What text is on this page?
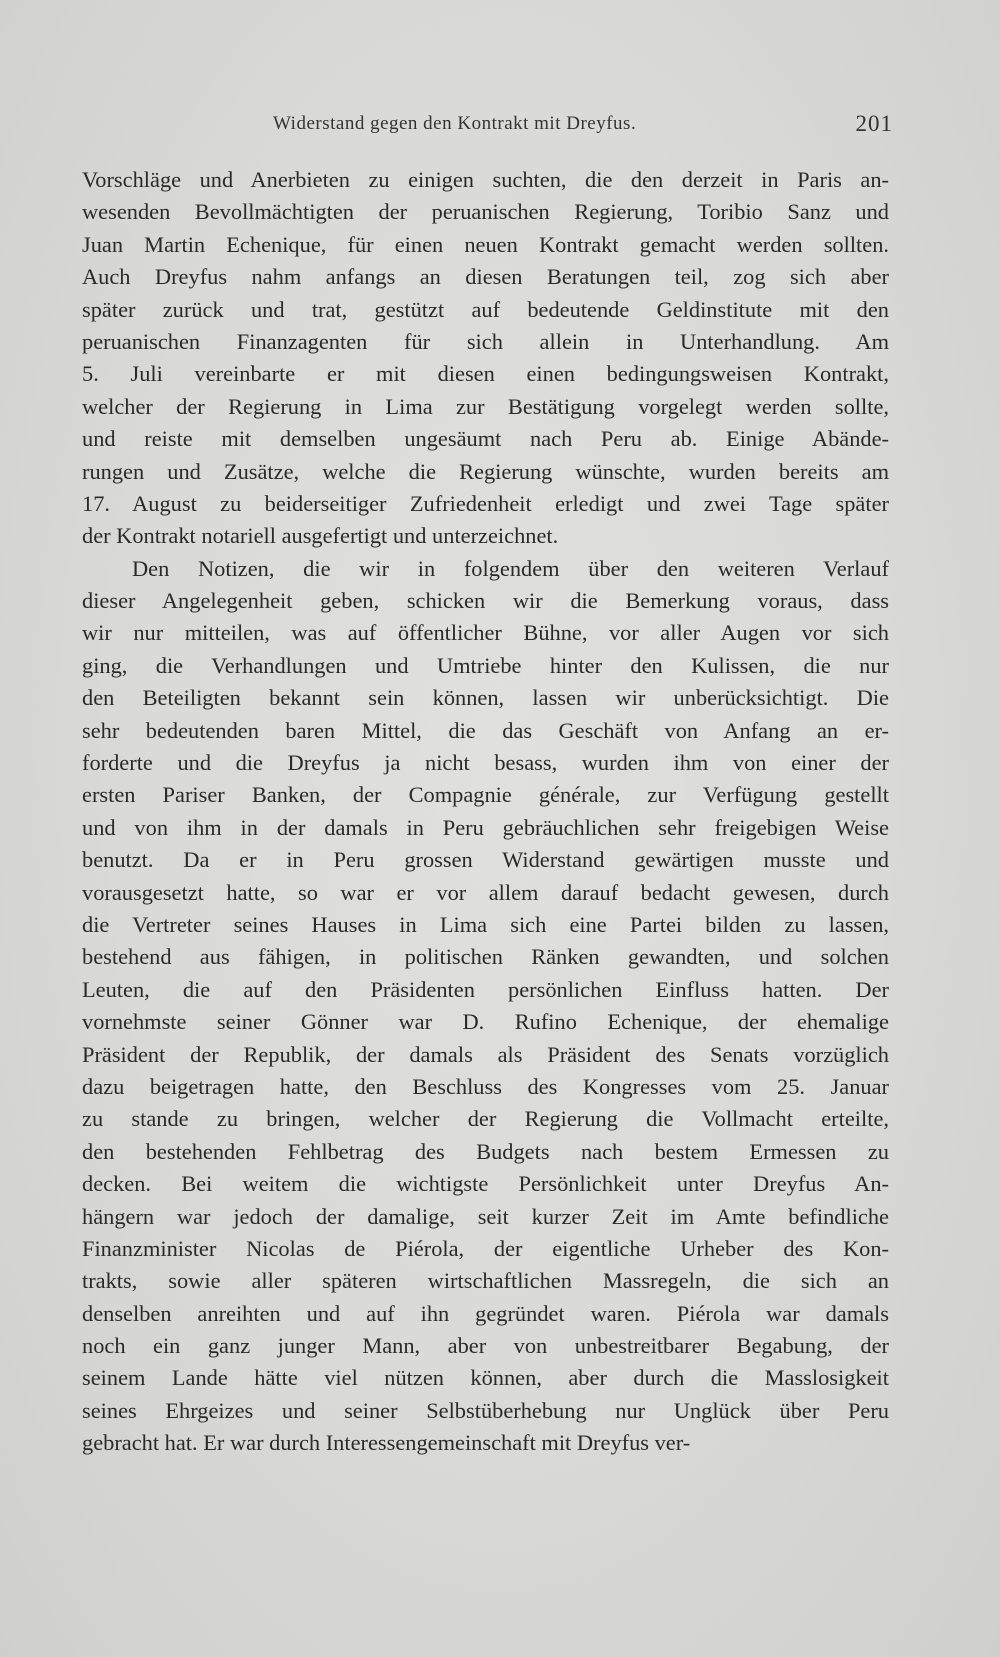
Widerstand gegen den Kontrakt mit Dreyfus.	201
Vorschläge und Anerbieten zu einigen suchten, die den derzeit in Paris an-
wesenden Bevollmächtigten der peruanischen Regierung, Toribio Sanz und
Juan Martin Echenique, für einen neuen Kontrakt gemacht werden sollten.
Auch Dreyfus nahm anfangs an diesen Beratungen teil, zog sich aber
später zurück und trat, gestützt auf bedeutende Geldinstitute mit den
peruanischen Finanzagenten für sich allein in Unterhandlung. Am
5. Juli vereinbarte er mit diesen einen bedingungsweisen Kontrakt,
welcher der Regierung in Lima zur Bestätigung vorgelegt werden sollte,
und reiste mit demselben ungesäumt nach Peru ab. Einige Abände-
rungen und Zusätze, welche die Regierung wünschte, wurden bereits am
17. August zu beiderseitiger Zufriedenheit erledigt und zwei Tage später
der Kontrakt notariell ausgefertigt und unterzeichnet.
Den Notizen, die wir in folgendem über den weiteren Verlauf
dieser Angelegenheit geben, schicken wir die Bemerkung voraus, dass
wir nur mitteilen, was auf öffentlicher Bühne, vor aller Augen vor sich
ging, die Verhandlungen und Umtriebe hinter den Kulissen, die nur
den Beteiligten bekannt sein können, lassen wir unberücksichtigt. Die
sehr bedeutenden baren Mittel, die das Geschäft von Anfang an er-
forderte und die Dreyfus ja nicht besass, wurden ihm von einer der
ersten Pariser Banken, der Compagnie générale, zur Verfügung gestellt
und von ihm in der damals in Peru gebräuchlichen sehr freigebigen Weise
benutzt. Da er in Peru grossen Widerstand gewärtigen musste und
vorausgesetzt hatte, so war er vor allem darauf bedacht gewesen, durch
die Vertreter seines Hauses in Lima sich eine Partei bilden zu lassen,
bestehend aus fähigen, in politischen Ränken gewandten, und solchen
Leuten, die auf den Präsidenten persönlichen Einfluss hatten. Der
vornehmste seiner Gönner war D. Rufino Echenique, der ehemalige
Präsident der Republik, der damals als Präsident des Senats vorzüglich
dazu beigetragen hatte, den Beschluss des Kongresses vom 25. Januar
zu stande zu bringen, welcher der Regierung die Vollmacht erteilte,
den bestehenden Fehlbetrag des Budgets nach bestem Ermessen zu
decken. Bei weitem die wichtigste Persönlichkeit unter Dreyfus An-
hängern war jedoch der damalige, seit kurzer Zeit im Amte befindliche
Finanzminister Nicolas de Piérola, der eigentliche Urheber des Kon-
trakts, sowie aller späteren wirtschaftlichen Massregeln, die sich an
denselben anreihten und auf ihn gegründet waren. Piérola war damals
noch ein ganz junger Mann, aber von unbestreitbarer Begabung, der
seinem Lande hätte viel nützen können, aber durch die Masslosigkeit
seines Ehrgeizes und seiner Selbstüberhebung nur Unglück über Peru
gebracht hat. Er war durch Interessengemeinschaft mit Dreyfus ver-
